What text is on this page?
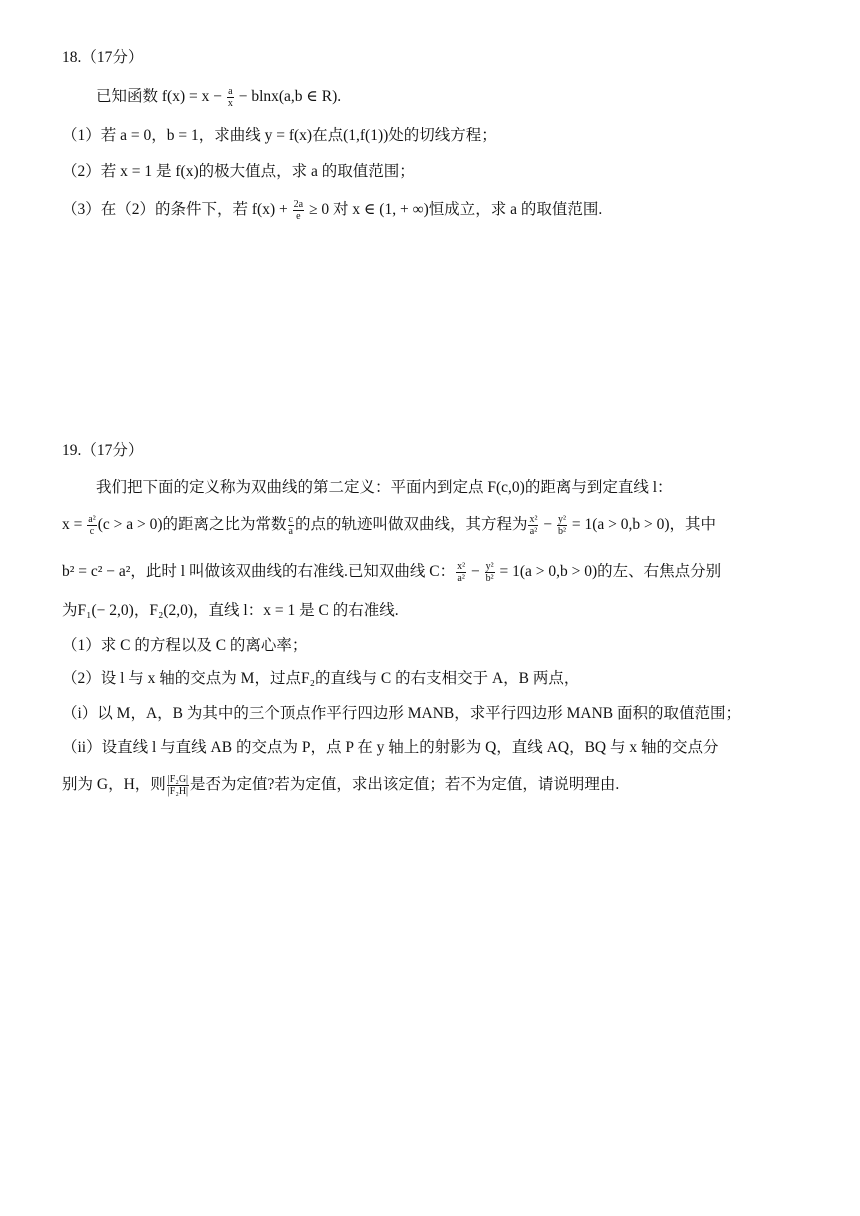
18.（17分）
已知函数 $f(x) = x - \frac{a}{x} - blnx(a,b$ ∈ R).
（1）若 a = 0，b = 1，求曲线 y = f(x)在点(1,f(1))处的切线方程；
（2）若 x = 1 是 f(x)的极大值点，求 a 的取值范围；
（3）在（2）的条件下，若 $f(x) + \frac{2a}{e} \ge 0$ 对 x ∈ (1, + ∞)恒成立，求 a 的取值范围.
19.（17分）
我们把下面的定义称为双曲线的第二定义：平面内到定点 F(c,0)的距离与到定直线 l：
$x = \frac{\text{a²}}{c} (c > a > 0)$的距离之比为常数 $\frac{c}{a}$ 的点的轨迹叫做双曲线，其方程为 $\frac{\text{x²}}{\text{a²}} - \frac{\text{y²}}{\text{b²}} = 1(a > 0,b > 0)$，其中
b² = c² − a²，此时 l 叫做该双曲线的右准线.已知双曲线 C： $\frac{\text{x²}}{\text{a²}} - \frac{\text{y²}}{\text{b²}} = 1(a > 0,b > 0)$的左、右焦点分别
为F₁(− 2,0)，F₂(2,0)，直线 l：x = 1 是 C 的右准线.
（1）求 C 的方程以及 C 的离心率；
（2）设 l 与 x 轴的交点为 M，过点F₂的直线与 C 的右支相交于 A，B 两点，
（i）以 M，A，B 为其中的三个顶点作平行四边形 MANB，求平行四边形 MANB 面积的取值范围；
（ii）设直线 l 与直线 AB 的交点为 P，点 P 在 y 轴上的射影为 Q，直线 AQ，BQ 与 x 轴的交点分
别为 G，H，则 $\frac{\text{|F₂G|}}{\text{|F₂H|}}$ 是否为定值?若为定值，求出该定值；若不为定值，请说明理由.
